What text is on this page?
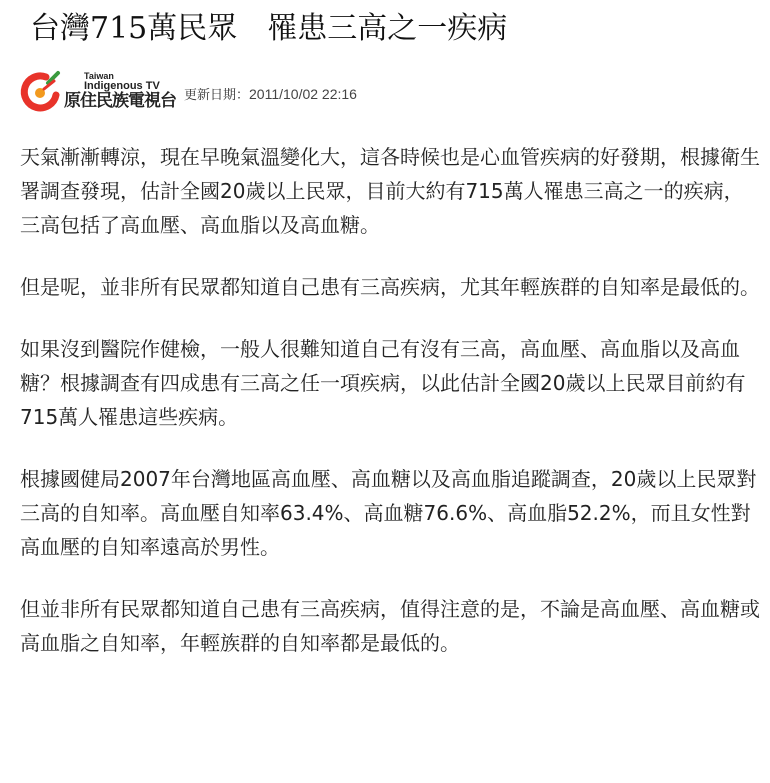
台灣715萬民眾　罹患三高之一疾病
Taiwan
Indigenous TV
原住民族電視台 更新日期：2011/10/02 22:16

天氣漸漸轉涼，現在早晚氣溫變化大，這各時候也是心血管疾病的好發期，根據衛生署調查發現，估計全國20歲以上民眾，目前大約有715萬人罹患三高之一的疾病，三高包括了高血壓、高血脂以及高血糖。

但是呢，並非所有民眾都知道自己患有三高疾病，尤其年輕族群的自知率是最低的。

如果沒到醫院作健檢，一般人很難知道自己有沒有三高，高血壓、高血脂以及高血糖？根據調查有四成患有三高之任一項疾病，以此估計全國20歲以上民眾目前約有715萬人罹患這些疾病。

根據國健局2007年台灣地區高血壓、高血糖以及高血脂追蹤調查，20歲以上民眾對三高的自知率。高血壓自知率63.4%、高血糖76.6%、高血脂52.2%，而且女性對高血壓的自知率遠高於男性。

但並非所有民眾都知道自己患有三高疾病，值得注意的是，不論是高血壓、高血糖或高血脂之自知率，年輕族群的自知率都是最低的。
